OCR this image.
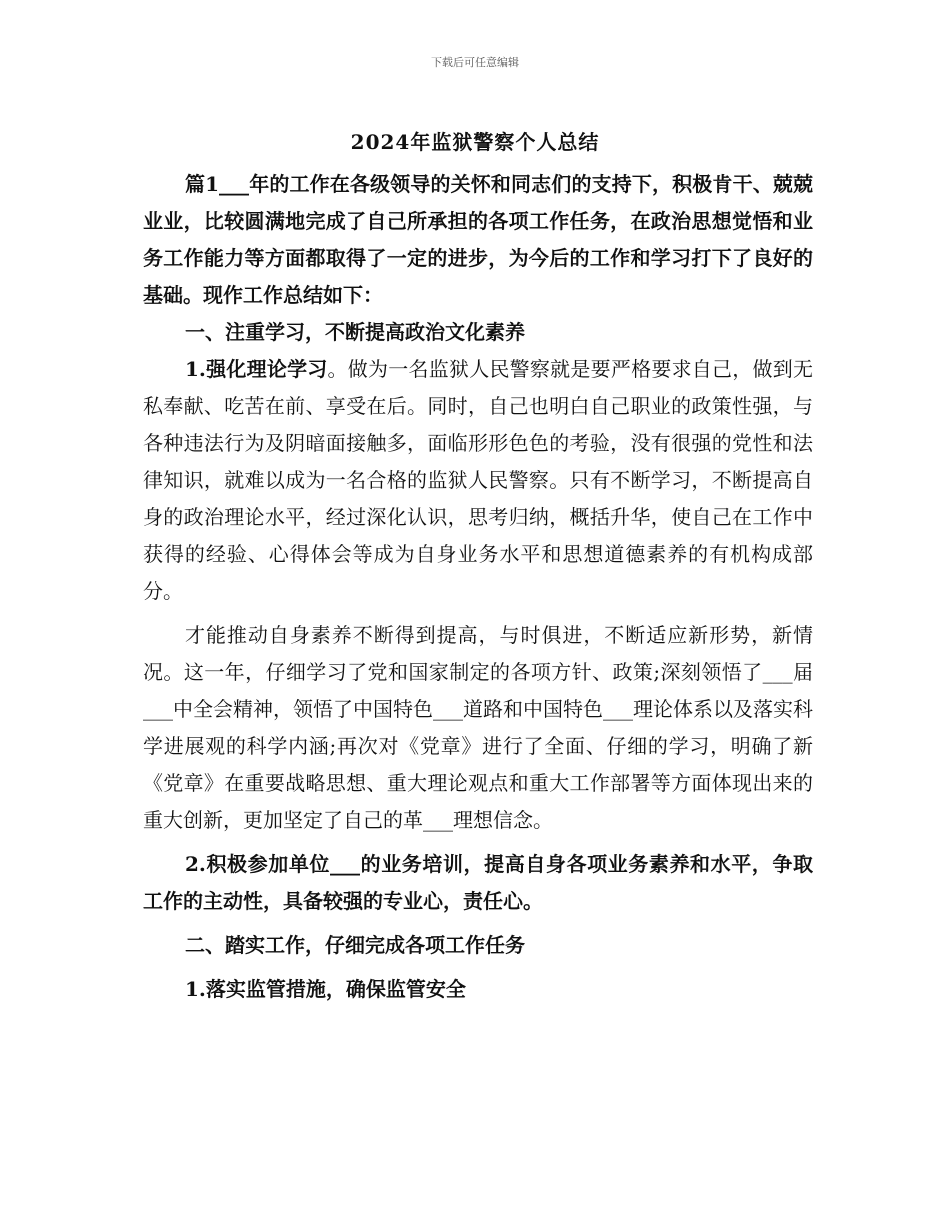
下载后可任意编辑
2024年监狱警察个人总结

篇1___年的工作在各级领导的关怀和同志们的支持下，积极肯干、兢兢业业，比较圆满地完成了自己所承担的各项工作任务，在政治思想觉悟和业务工作能力等方面都取得了一定的进步，为今后的工作和学习打下了良好的基础。现作工作总结如下：

一、注重学习，不断提高政治文化素养

1.强化理论学习。做为一名监狱人民警察就是要严格要求自己，做到无私奉献、吃苦在前、享受在后。同时，自己也明白自己职业的政策性强，与各种违法行为及阴暗面接触多，面临形形色色的考验，没有很强的党性和法律知识，就难以成为一名合格的监狱人民警察。只有不断学习，不断提高自身的政治理论水平，经过深化认识，思考归纳，概括升华，使自己在工作中获得的经验、心得体会等成为自身业务水平和思想道德素养的有机构成部分。

才能推动自身素养不断得到提高，与时俱进，不断适应新形势，新情况。这一年，仔细学习了党和国家制定的各项方针、政策;深刻领悟了___届___中全会精神，领悟了中国特色___道路和中国特色___理论体系以及落实科学进展观的科学内涵;再次对《党章》进行了全面、仔细的学习，明确了新《党章》在重要战略思想、重大理论观点和重大工作部署等方面体现出来的重大创新，更加坚定了自己的革___理想信念。

2.积极参加单位___的业务培训，提高自身各项业务素养和水平，争取工作的主动性，具备较强的专业心，责任心。

二、踏实工作，仔细完成各项工作任务

1.落实监管措施，确保监管安全
